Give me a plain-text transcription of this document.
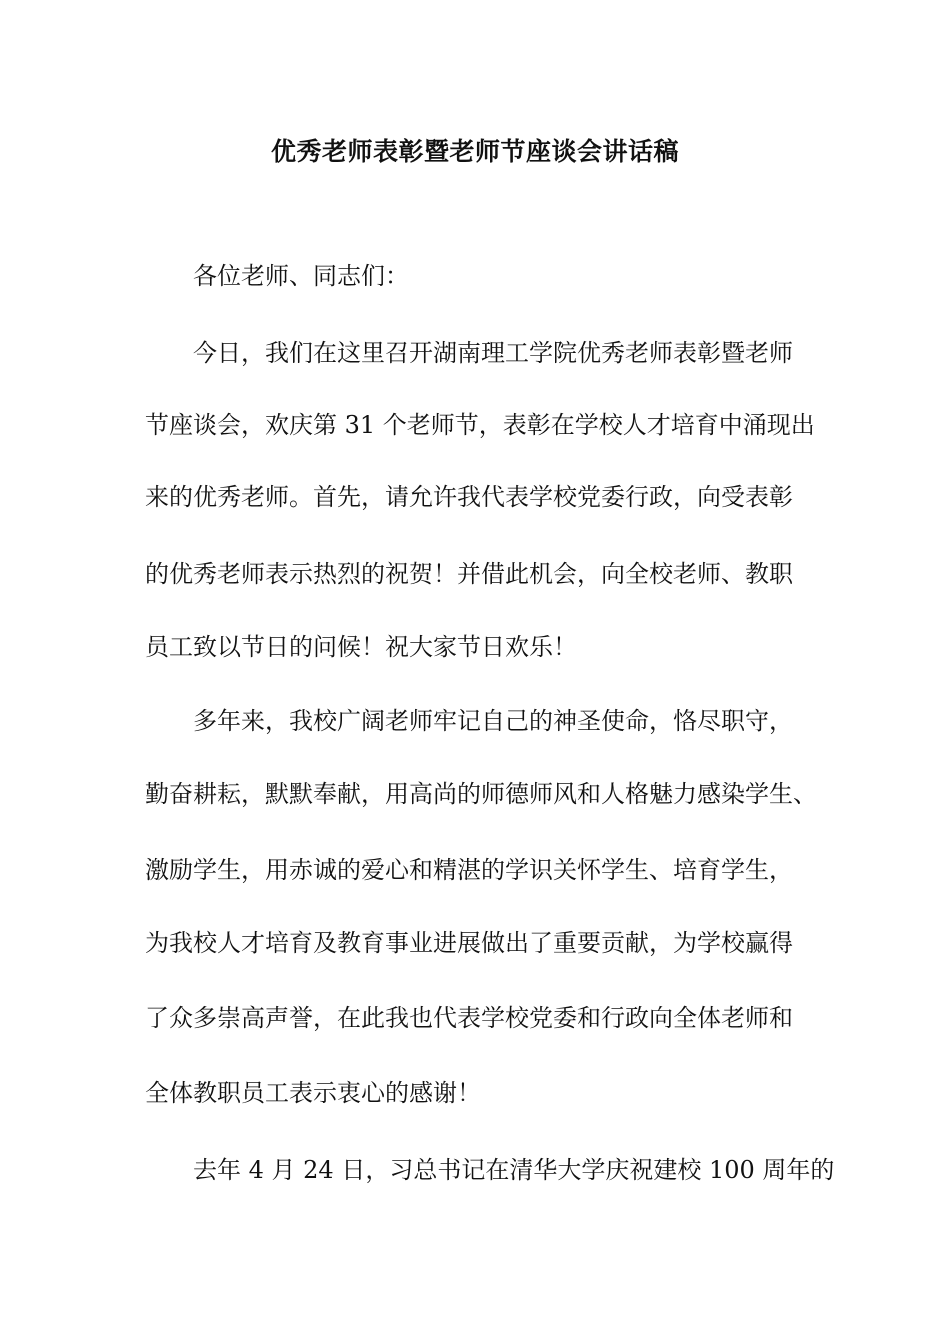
优秀老师表彰暨老师节座谈会讲话稿
各位老师、同志们：
今日，我们在这里召开湖南理工学院优秀老师表彰暨老师
节座谈会，欢庆第 31 个老师节，表彰在学校人才培育中涌现出
来的优秀老师。首先，请允许我代表学校党委行政，向受表彰
的优秀老师表示热烈的祝贺！并借此机会，向全校老师、教职
员工致以节日的问候！祝大家节日欢乐！
多年来，我校广阔老师牢记自己的神圣使命，恪尽职守，
勤奋耕耘，默默奉献，用高尚的师德师风和人格魅力感染学生、
激励学生，用赤诚的爱心和精湛的学识关怀学生、培育学生，
为我校人才培育及教育事业进展做出了重要贡献，为学校赢得
了众多崇高声誉，在此我也代表学校党委和行政向全体老师和
全体教职员工表示衷心的感谢！
去年 4 月 24 日，习总书记在清华大学庆祝建校 100 周年的
